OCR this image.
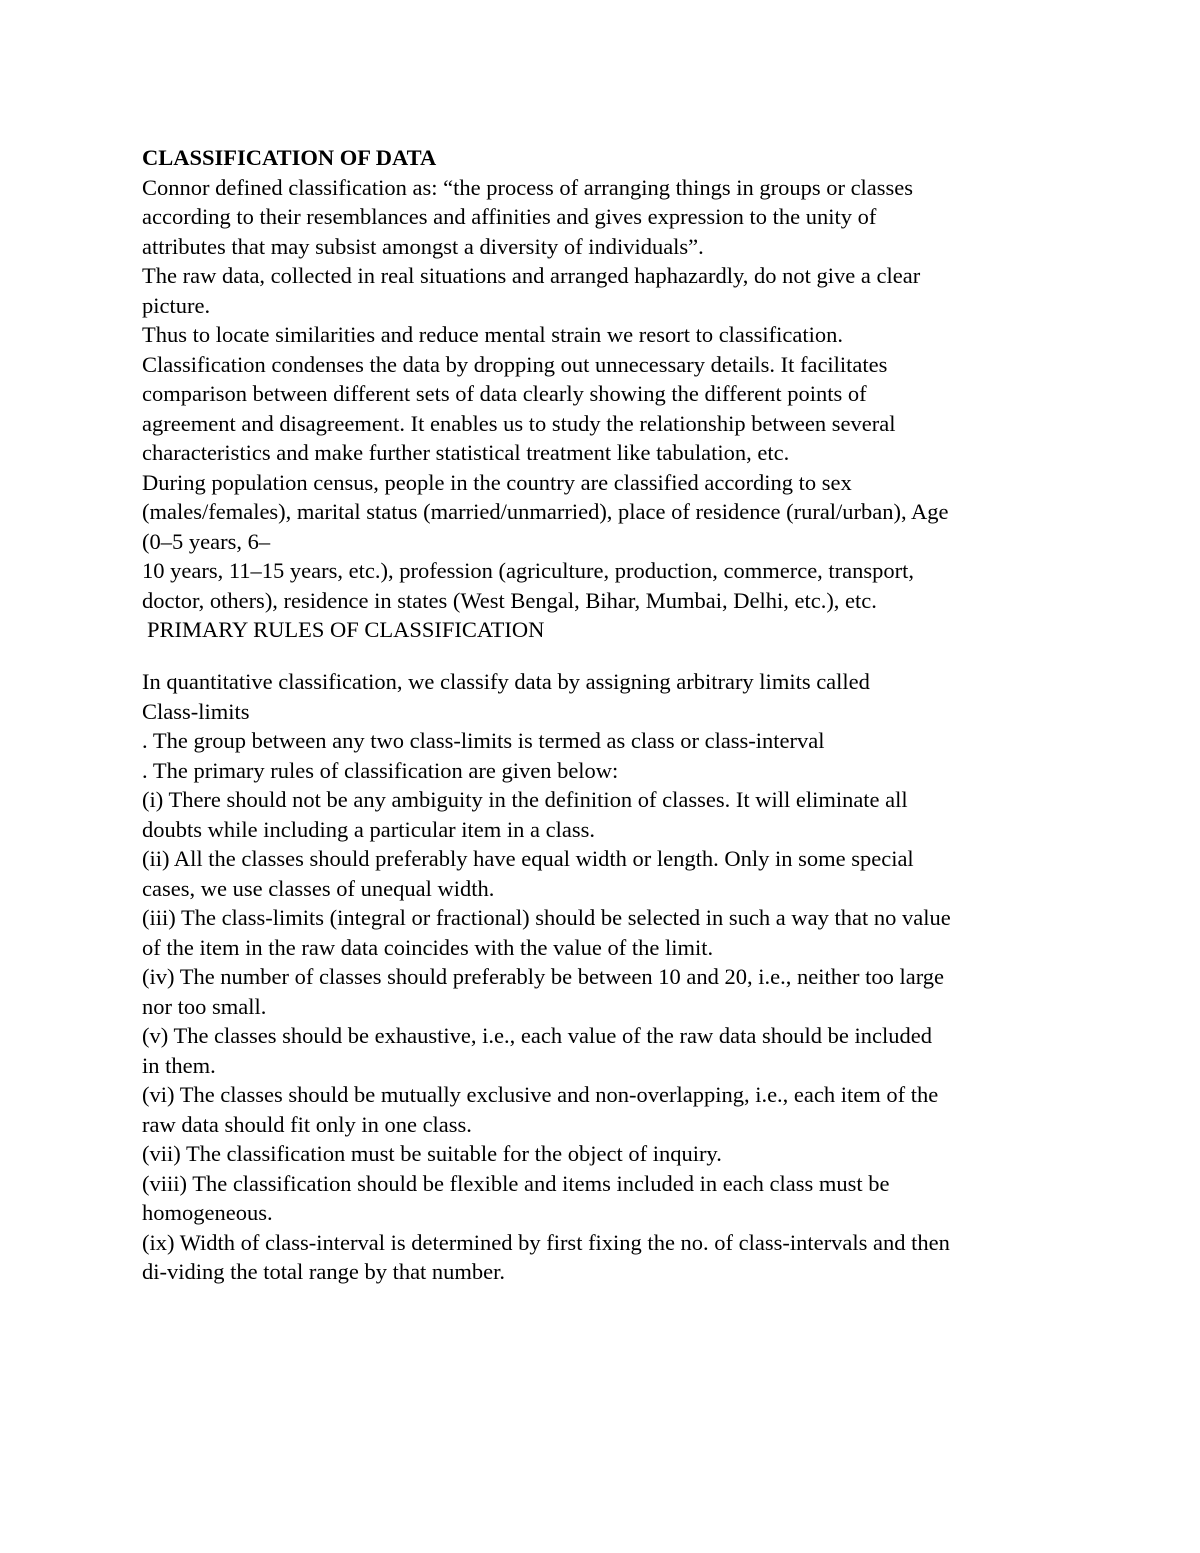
CLASSIFICATION OF DATA
Connor defined classification as: “the process of arranging things in groups or classes
according to their resemblances and affinities and gives expression to the unity of
attributes that may subsist amongst a diversity of individuals”.
The raw data, collected in real situations and arranged haphazardly, do not give a clear
picture.
Thus to locate similarities and reduce mental strain we resort to classification.
Classification condenses the data by dropping out unnecessary details. It facilitates
comparison between different sets of data clearly showing the different points of
agreement and disagreement. It enables us to study the relationship between several
characteristics and make further statistical treatment like tabulation, etc.
During population census, people in the country are classified according to sex
(males/females), marital status (married/unmarried), place of residence (rural/urban), Age
(0–5 years, 6–
10 years, 11–15 years, etc.), profession (agriculture, production, commerce, transport,
doctor, others), residence in states (West Bengal, Bihar, Mumbai, Delhi, etc.), etc.
PRIMARY RULES OF CLASSIFICATION
In quantitative classification, we classify data by assigning arbitrary limits called
Class-limits
. The group between any two class-limits is termed as class or class-interval
. The primary rules of classification are given below:
(i) There should not be any ambiguity in the definition of classes. It will eliminate all
doubts while including a particular item in a class.
(ii) All the classes should preferably have equal width or length. Only in some special
cases, we use classes of unequal width.
(iii) The class-limits (integral or fractional) should be selected in such a way that no value
of the item in the raw data coincides with the value of the limit.
(iv) The number of classes should preferably be between 10 and 20, i.e., neither too large
nor too small.
(v) The classes should be exhaustive, i.e., each value of the raw data should be included
in them.
(vi) The classes should be mutually exclusive and non-overlapping, i.e., each item of the
raw data should fit only in one class.
(vii) The classification must be suitable for the object of inquiry.
(viii) The classification should be flexible and items included in each class must be
homogeneous.
(ix) Width of class-interval is determined by first fixing the no. of class-intervals and then
di-viding the total range by that number.
